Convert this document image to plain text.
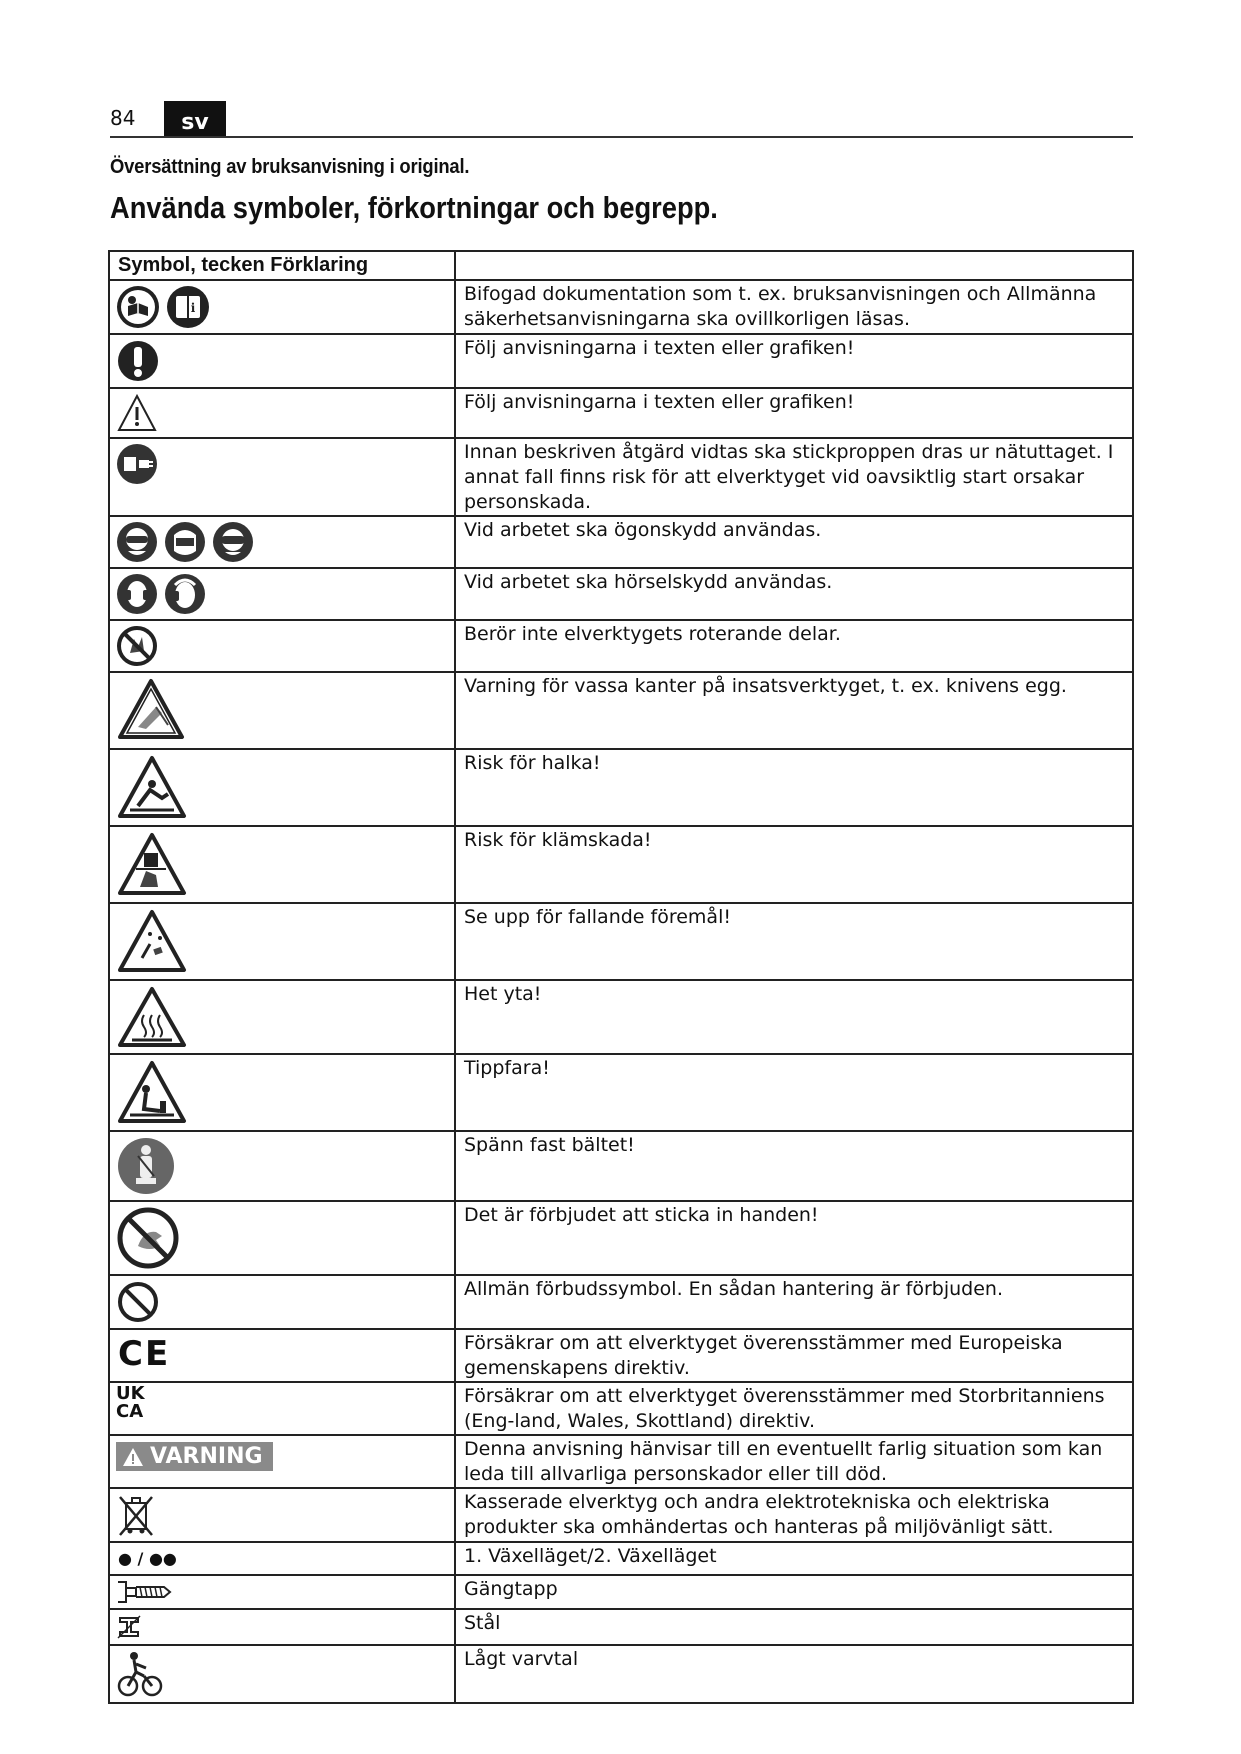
84	sv
Översättning av bruksanvisning i original.
Använda symboler, förkortningar och begrepp.
Symbol, tecken Förklaring	

i	Bifogad dokumentation som t. ex. bruksanvisningen och Allmänna säkerhetsanvisningarna ska ovillkorligen läsas.

	Följ anvisningarna i texten eller grafiken!

	Följ anvisningarna i texten eller grafiken!

	Innan beskriven åtgärd vidtas ska stickproppen dras ur nätuttaget. I annat fall finns risk för att elverktyget vid oavsiktlig start orsakar personskada.

	Vid arbetet ska ögonskydd användas.

	Vid arbetet ska hörselskydd användas.

	Berör inte elverktygets roterande delar.

	Varning för vassa kanter på insatsverktyget, t. ex. knivens egg.

	Risk för halka!

	Risk för klämskada!

	Se upp för fallande föremål!

	Het yta!

	Tippfara!

	Spänn fast bältet!

	Det är förbjudet att sticka in handen!

	Allmän förbudssymbol. En sådan hantering är förbjuden.

CE	Försäkrar om att elverktyget överensstämmer med Europeiska gemenskapens direktiv.

UK
CA	Försäkrar om att elverktyget överensstämmer med Storbritanniens (Eng-land, Wales, Skottland) direktiv.

VARNING	Denna anvisning hänvisar till en eventuellt farlig situation som kan leda till allvarliga personskador eller till död.

	Kasserade elverktyg och andra elektrotekniska och elektriska produkter ska omhändertas och hanteras på miljövänligt sätt.

● / ●●	1. Växelläget/2. Växelläget

	Gängtapp

	Stål

	Lågt varvtal
